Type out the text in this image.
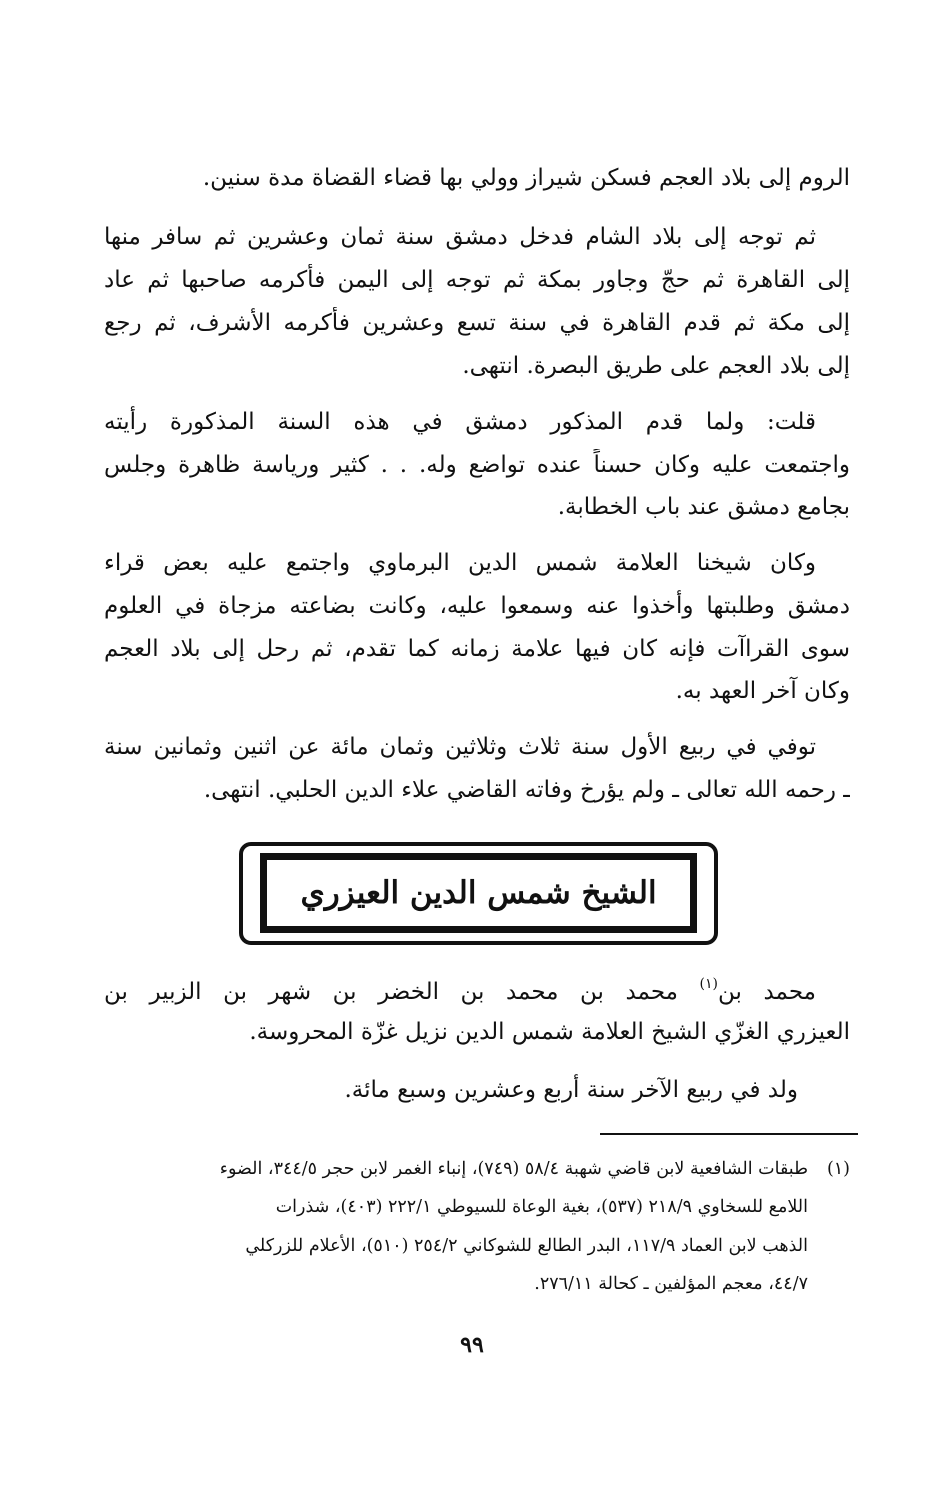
الروم إلى بلاد العجم فسكن شيراز وولي بها قضاء القضاة مدة سنين.
ثم توجه إلى بلاد الشام فدخل دمشق سنة ثمان وعشرين ثم سافر منها
إلى القاهرة ثم حجّ وجاور بمكة ثم توجه إلى اليمن فأكرمه صاحبها ثم عاد
إلى مكة ثم قدم القاهرة في سنة تسع وعشرين فأكرمه الأشرف، ثم رجع
إلى بلاد العجم على طريق البصرة. انتهى.
قلت: ولما قدم المذكور دمشق في هذه السنة المذكورة رأيته
واجتمعت عليه وكان حسناً عنده تواضع وله. . . كثير ورياسة ظاهرة وجلس
بجامع دمشق عند باب الخطابة.
وكان شيخنا العلامة شمس الدين البرماوي واجتمع عليه بعض قراء
دمشق وطلبتها وأخذوا عنه وسمعوا عليه، وكانت بضاعته مزجاة في العلوم
سوى القراآت فإنه كان فيها علامة زمانه كما تقدم، ثم رحل إلى بلاد العجم
وكان آخر العهد به.
توفي في ربيع الأول سنة ثلاث وثلاثين وثمان مائة عن اثنين وثمانين سنة
ـ رحمه الله تعالى ـ ولم يؤرخ وفاته القاضي علاء الدين الحلبي. انتهى.
الشيخ شمس الدين العيزري
محمد بن$^{(١)}$ محمد بن محمد بن الخضر بن شهر بن الزبير بن
العيزري الغزّي الشيخ العلامة شمس الدين نزيل غزّة المحروسة.
ولد في ربيع الآخر سنة أربع وعشرين وسبع مائة.
(١)طبقات الشافعية لابن قاضي شهبة ٥٨/٤ (٧٤٩)، إنباء الغمر لابن حجر ٣٤٤/٥، الضوء
اللامع للسخاوي ٢١٨/٩ (٥٣٧)، بغية الوعاة للسيوطي ٢٢٢/١ (٤٠٣)، شذرات
الذهب لابن العماد ١١٧/٩، البدر الطالع للشوكاني ٢٥٤/٢ (٥١٠)، الأعلام للزركلي
٤٤/٧، معجم المؤلفين ـ كحالة ٢٧٦/١١.
٩٩
